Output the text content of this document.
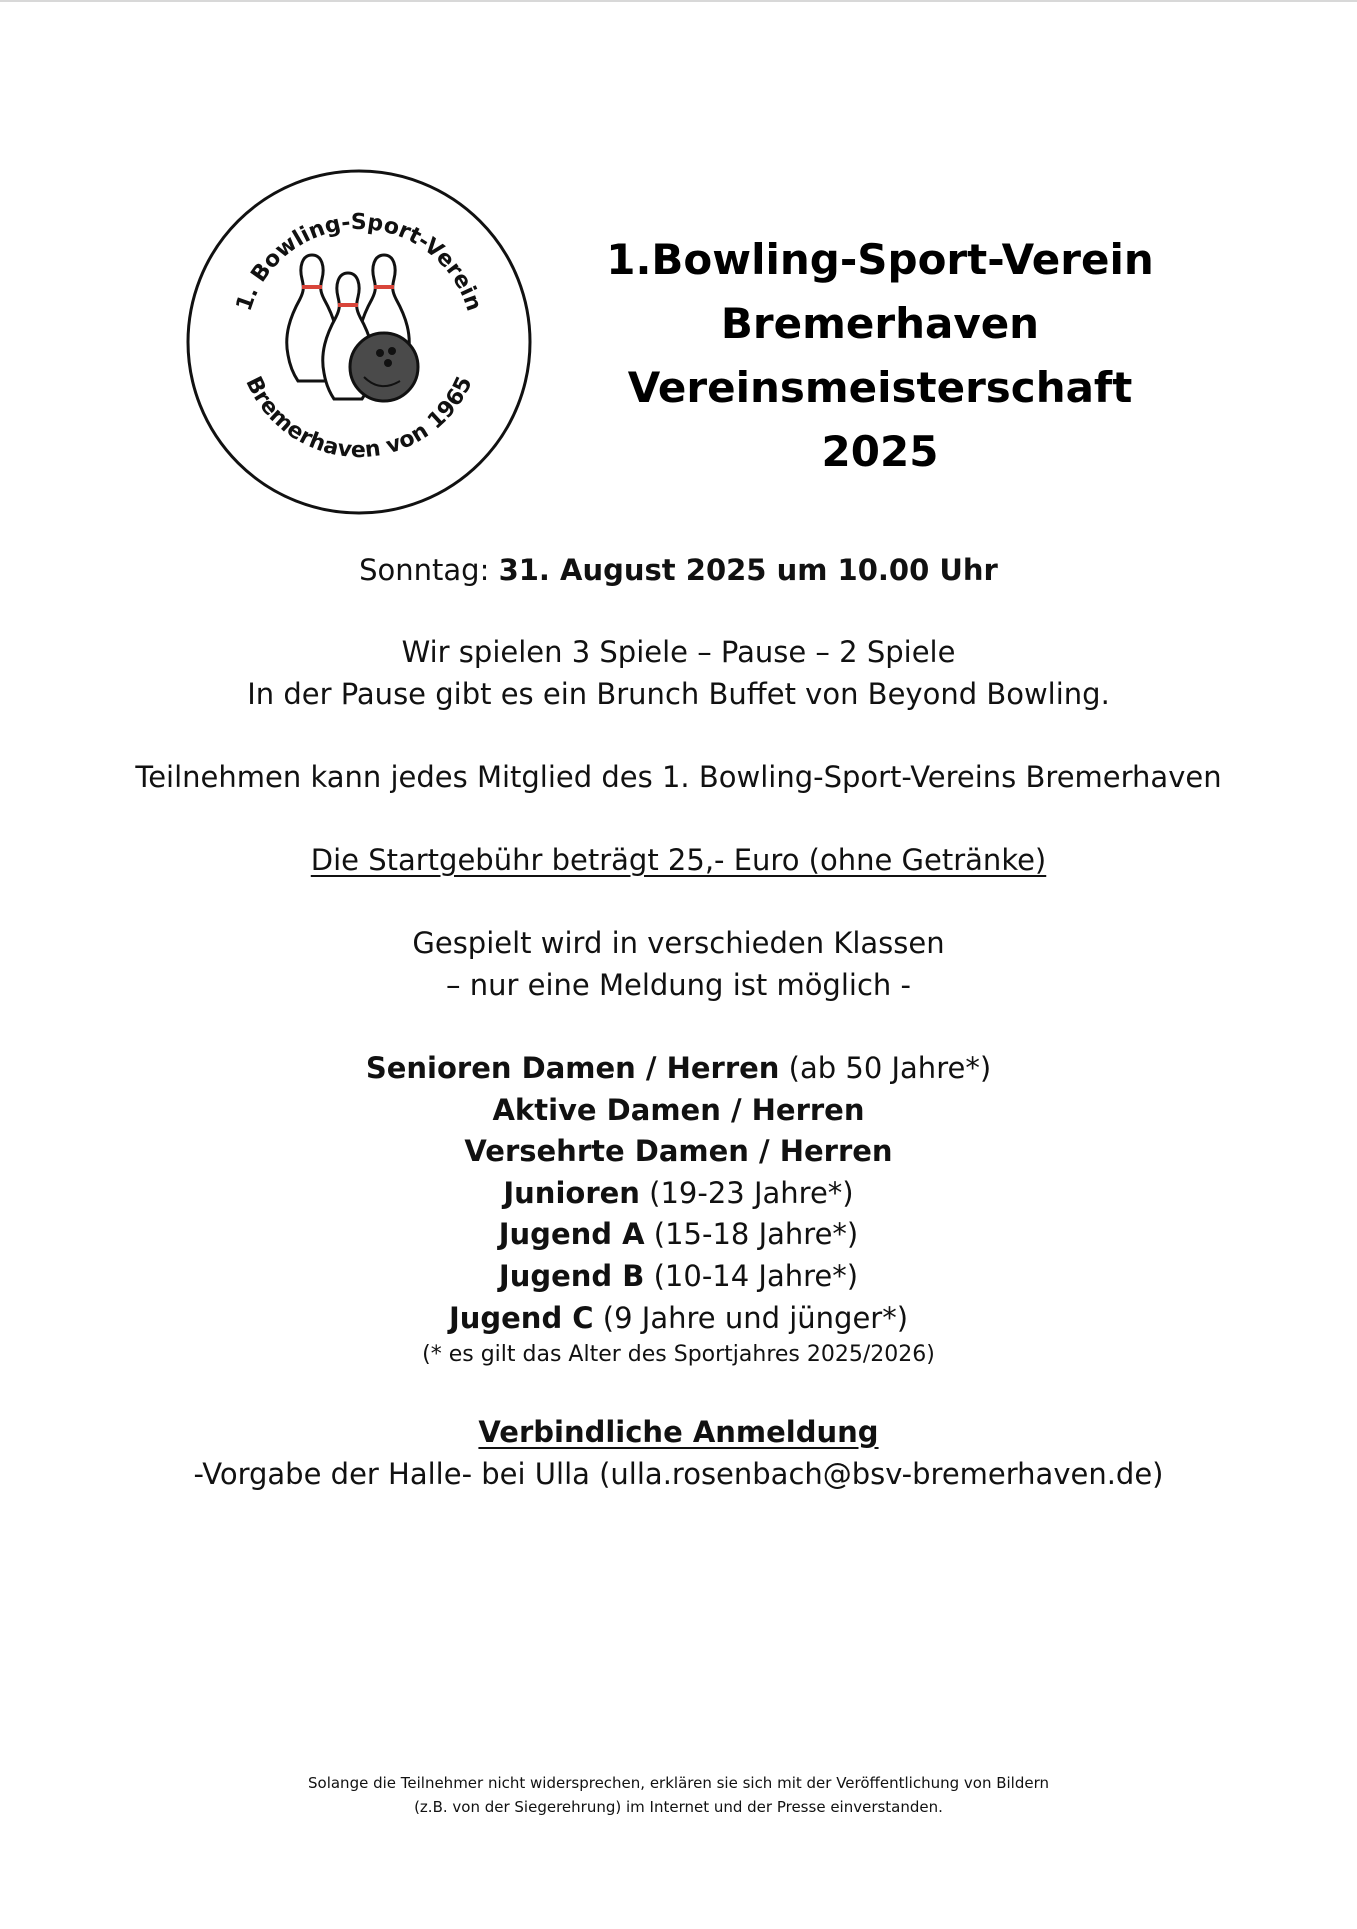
1. Bowling-Sport-Verein
Bremerhaven von 1965
1.Bowling-Sport-Verein
Bremerhaven
Vereinsmeisterschaft
2025
Sonntag: 31. August 2025 um 10.00 Uhr
Wir spielen 3 Spiele – Pause – 2 Spiele
In der Pause gibt es ein Brunch Buffet von Beyond Bowling.
Teilnehmen kann jedes Mitglied des 1. Bowling-Sport-Vereins Bremerhaven
Die Startgebühr beträgt 25,- Euro (ohne Getränke)
Gespielt wird in verschieden Klassen
– nur eine Meldung ist möglich -
Senioren Damen / Herren (ab 50 Jahre*)
Aktive Damen / Herren
Versehrte Damen / Herren
Junioren (19-23 Jahre*)
Jugend A (15-18 Jahre*)
Jugend B (10-14 Jahre*)
Jugend C (9 Jahre und jünger*)
(* es gilt das Alter des Sportjahres 2025/2026)
Verbindliche Anmeldung
-Vorgabe der Halle- bei Ulla (ulla.rosenbach@bsv-bremerhaven.de)
Solange die Teilnehmer nicht widersprechen, erklären sie sich mit der Veröffentlichung von Bildern
(z.B. von der Siegerehrung) im Internet und der Presse einverstanden.
